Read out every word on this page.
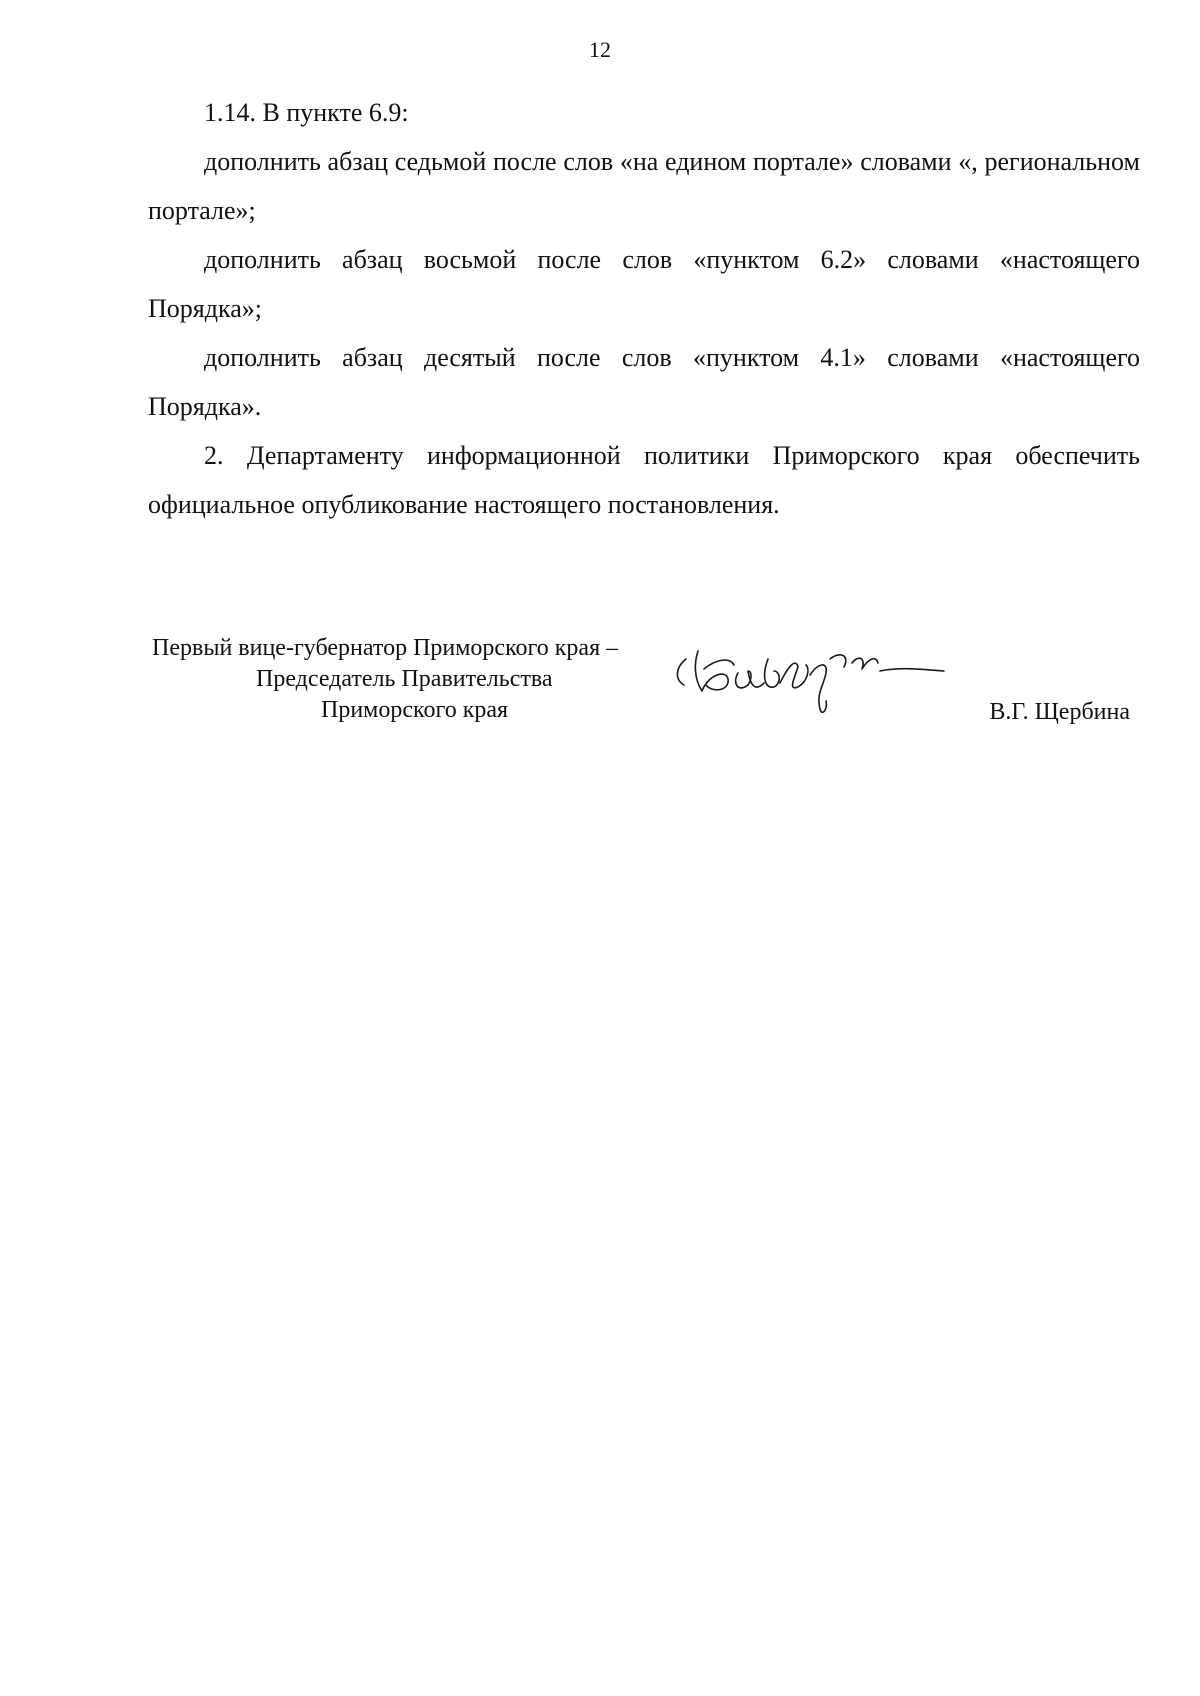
12

1.14. В пункте 6.9:

дополнить абзац седьмой после слов «на едином портале» словами «, региональном портале»;

дополнить абзац восьмой после слов «пунктом 6.2» словами «настоящего Порядка»;

дополнить абзац десятый после слов «пунктом 4.1» словами «настоящего Порядка».

2. Департаменту информационной политики Приморского края обеспечить официальное опубликование настоящего постановления.

Первый вице-губернатор Приморского края –
Председатель Правительства
Приморского края	В.Г. Щербина
